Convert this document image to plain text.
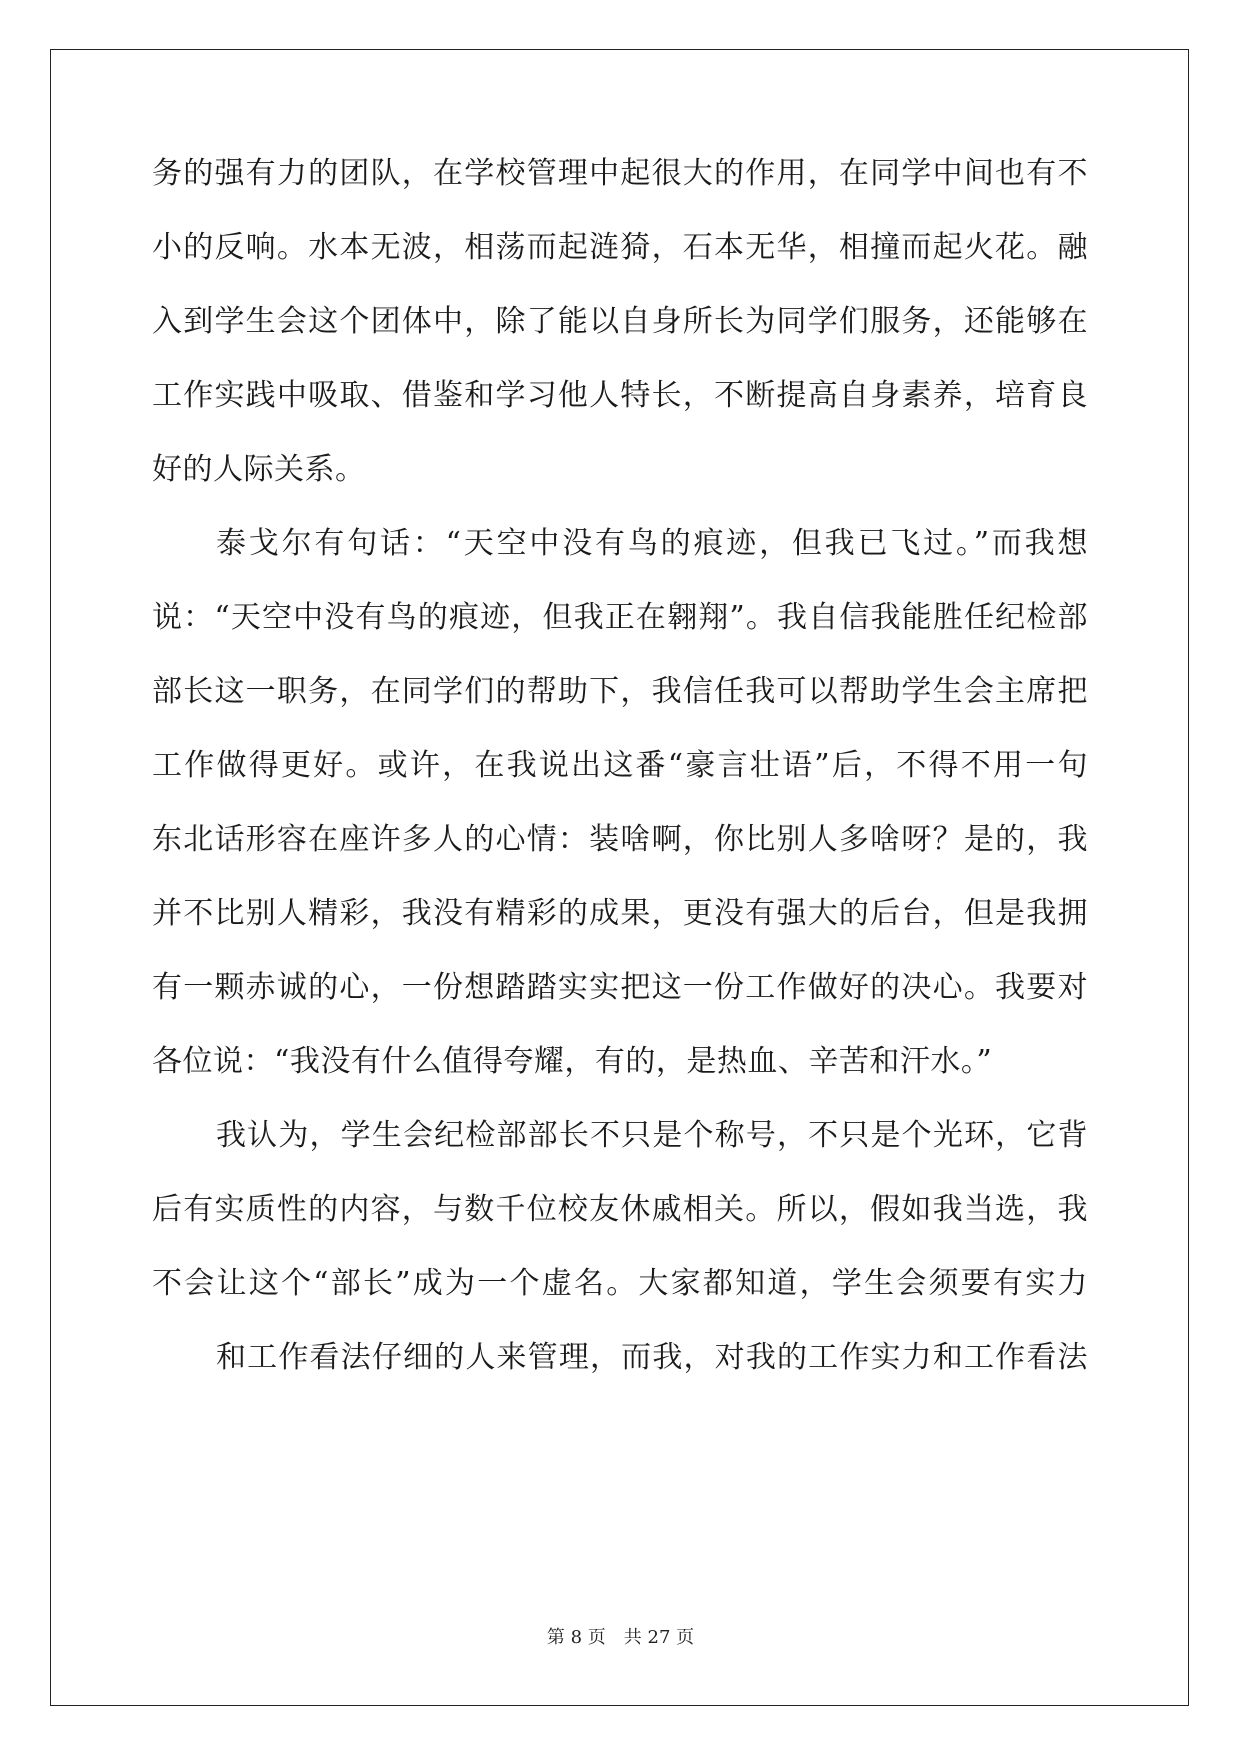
务的强有力的团队，在学校管理中起很大的作用，在同学中间也有不
小的反响。水本无波，相荡而起涟猗，石本无华，相撞而起火花。融
入到学生会这个团体中，除了能以自身所长为同学们服务，还能够在
工作实践中吸取、借鉴和学习他人特长，不断提高自身素养，培育良
好的人际关系。
泰戈尔有句话：“天空中没有鸟的痕迹，但我已飞过。”而我想
说：“天空中没有鸟的痕迹，但我正在翱翔”。我自信我能胜任纪检部
部长这一职务，在同学们的帮助下，我信任我可以帮助学生会主席把
工作做得更好。或许，在我说出这番“豪言壮语”后，不得不用一句
东北话形容在座许多人的心情：装啥啊，你比别人多啥呀？是的，我
并不比别人精彩，我没有精彩的成果，更没有强大的后台，但是我拥
有一颗赤诚的心，一份想踏踏实实把这一份工作做好的决心。我要对
各位说：“我没有什么值得夸耀，有的，是热血、辛苦和汗水。”
我认为，学生会纪检部部长不只是个称号，不只是个光环，它背
后有实质性的内容，与数千位校友休戚相关。所以，假如我当选，我
不会让这个“部长”成为一个虚名。大家都知道，学生会须要有实力
和工作看法仔细的人来管理，而我，对我的工作实力和工作看法
第 8 页 共 27 页
